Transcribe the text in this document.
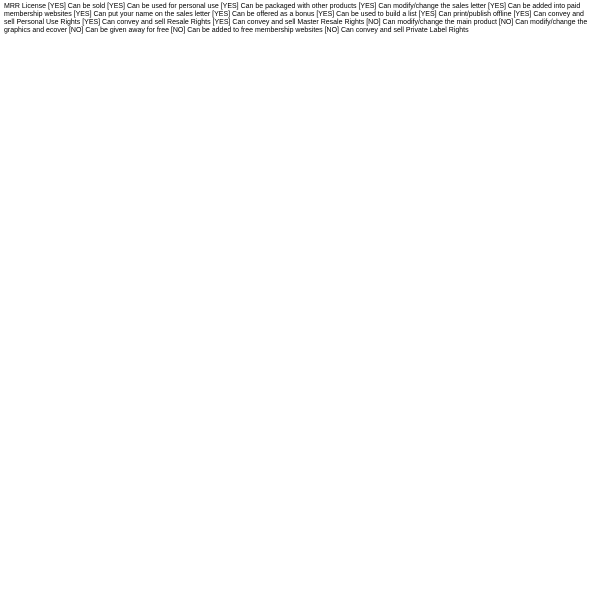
MRR License [YES] Can be sold [YES] Can be used for personal use [YES] Can be packaged with other products [YES] Can modify/change the sales letter [YES] Can be added into paid membership websites [YES] Can put your name on the sales letter [YES] Can be offered as a bonus [YES] Can be used to build a list [YES] Can print/publish offline [YES] Can convey and sell Personal Use Rights [YES] Can convey and sell Resale Rights [YES] Can convey and sell Master Resale Rights [NO] Can modify/change the main product [NO] Can modify/change the graphics and ecover [NO] Can be given away for free [NO] Can be added to free membership websites [NO] Can convey and sell Private Label Rights
